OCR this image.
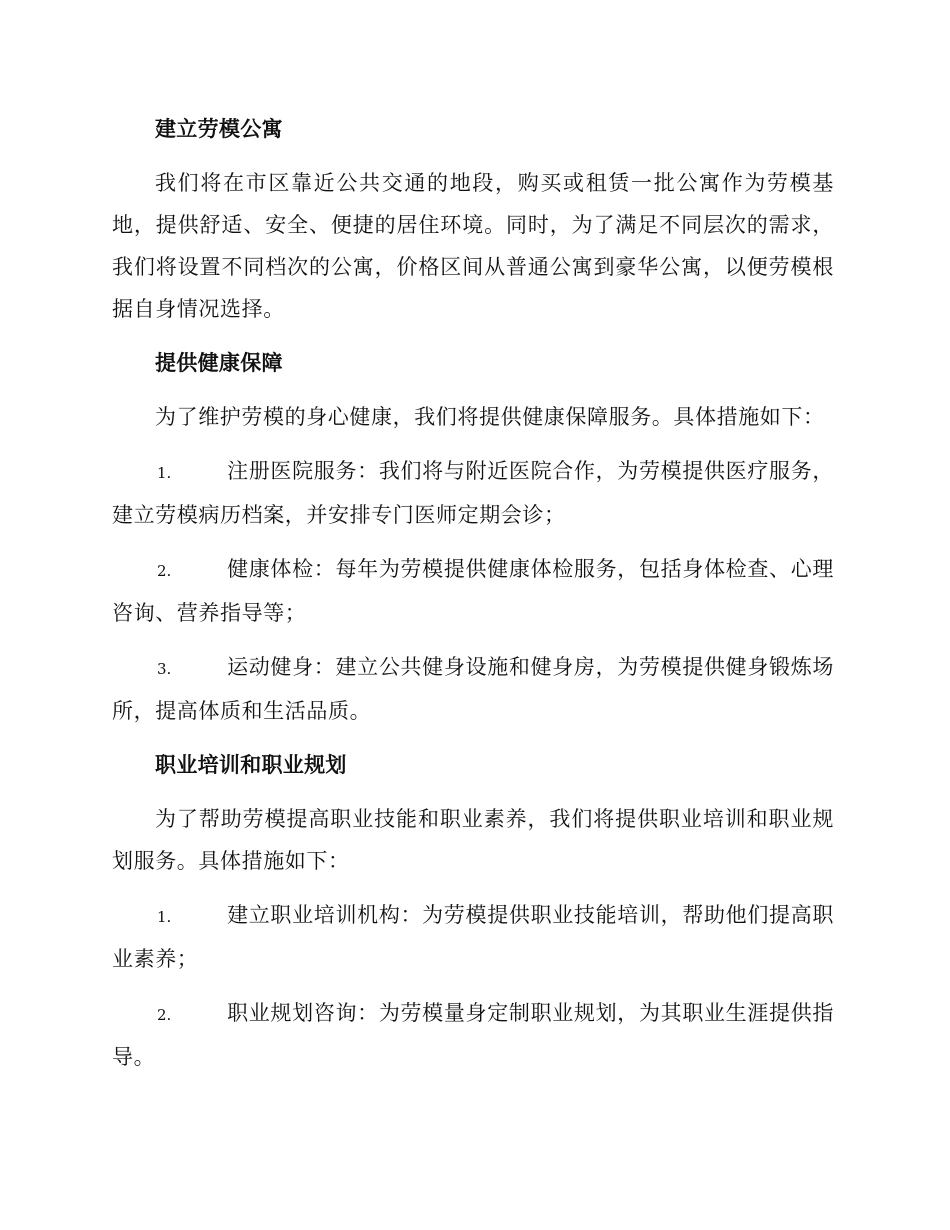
建立劳模公寓

我们将在市区靠近公共交通的地段，购买或租赁一批公寓作为劳模基地，提供舒适、安全、便捷的居住环境。同时，为了满足不同层次的需求，我们将设置不同档次的公寓，价格区间从普通公寓到豪华公寓，以便劳模根据自身情况选择。

提供健康保障

为了维护劳模的身心健康，我们将提供健康保障服务。具体措施如下：

1.	注册医院服务：我们将与附近医院合作，为劳模提供医疗服务，建立劳模病历档案，并安排专门医师定期会诊；

2.	健康体检：每年为劳模提供健康体检服务，包括身体检查、心理咨询、营养指导等；

3.	运动健身：建立公共健身设施和健身房，为劳模提供健身锻炼场所，提高体质和生活品质。

职业培训和职业规划

为了帮助劳模提高职业技能和职业素养，我们将提供职业培训和职业规划服务。具体措施如下：

1.	建立职业培训机构：为劳模提供职业技能培训，帮助他们提高职业素养；

2.	职业规划咨询：为劳模量身定制职业规划，为其职业生涯提供指导。
